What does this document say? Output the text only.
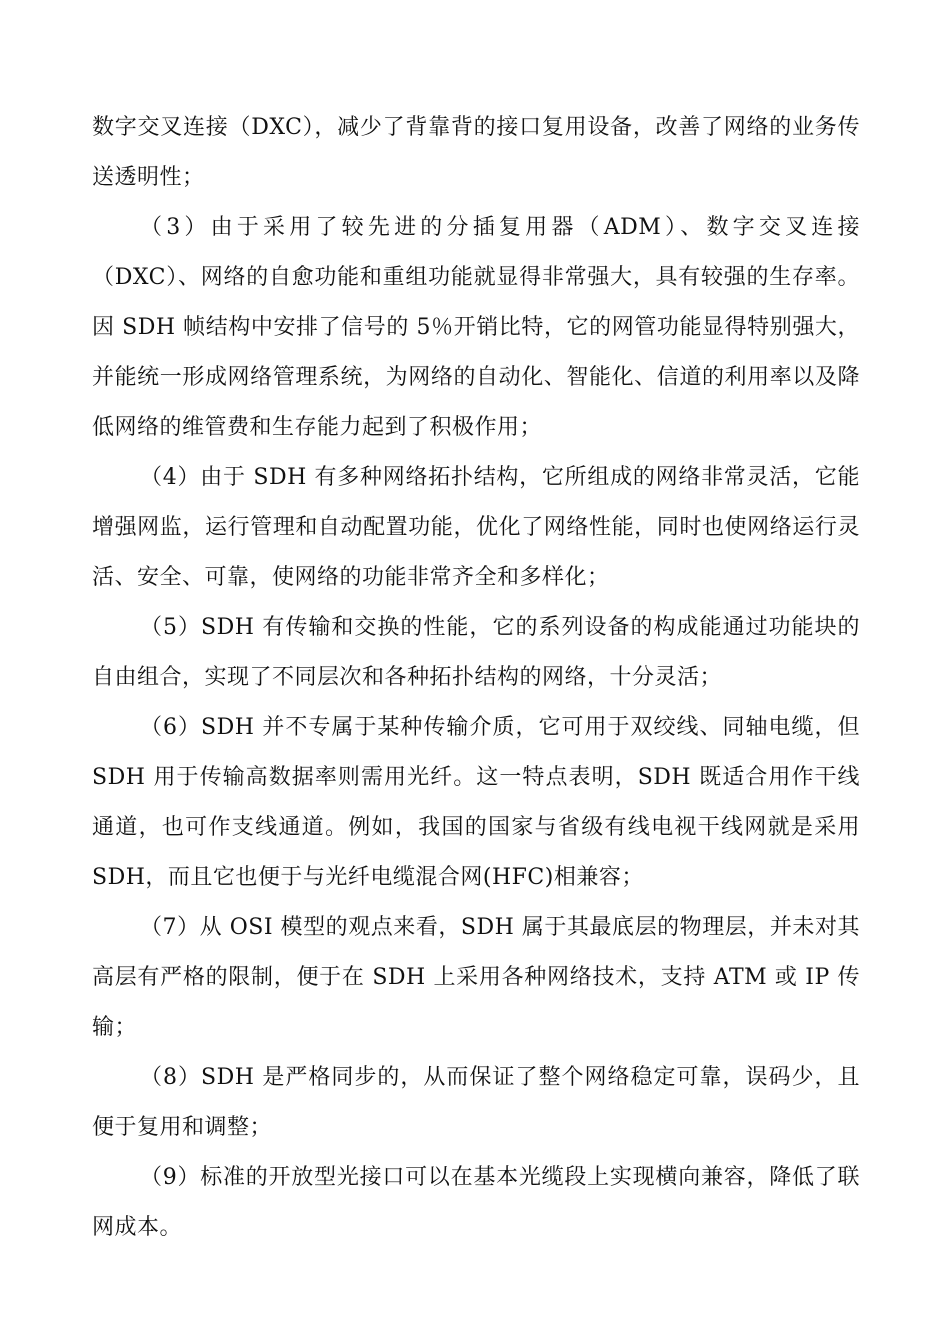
数字交叉连接（DXC），减少了背靠背的接口复用设备，改善了网络的业务传送透明性；

（3）由于采用了较先进的分插复用器（ADM）、数字交叉连接（DXC）、网络的自愈功能和重组功能就显得非常强大，具有较强的生存率。因 SDH 帧结构中安排了信号的 5％开销比特，它的网管功能显得特别强大，并能统一形成网络管理系统，为网络的自动化、智能化、信道的利用率以及降低网络的维管费和生存能力起到了积极作用；

（4）由于 SDH 有多种网络拓扑结构，它所组成的网络非常灵活，它能增强网监，运行管理和自动配置功能，优化了网络性能，同时也使网络运行灵活、安全、可靠，使网络的功能非常齐全和多样化；

（5）SDH 有传输和交换的性能，它的系列设备的构成能通过功能块的自由组合，实现了不同层次和各种拓扑结构的网络，十分灵活；

（6）SDH 并不专属于某种传输介质，它可用于双绞线、同轴电缆，但 SDH 用于传输高数据率则需用光纤。这一特点表明，SDH 既适合用作干线通道，也可作支线通道。例如，我国的国家与省级有线电视干线网就是采用 SDH，而且它也便于与光纤电缆混合网(HFC)相兼容；

（7）从 OSI 模型的观点来看，SDH 属于其最底层的物理层，并未对其高层有严格的限制，便于在 SDH 上采用各种网络技术，支持 ATM 或 IP 传输；

（8）SDH 是严格同步的，从而保证了整个网络稳定可靠，误码少，且便于复用和调整；

（9）标准的开放型光接口可以在基本光缆段上实现横向兼容，降低了联网成本。
